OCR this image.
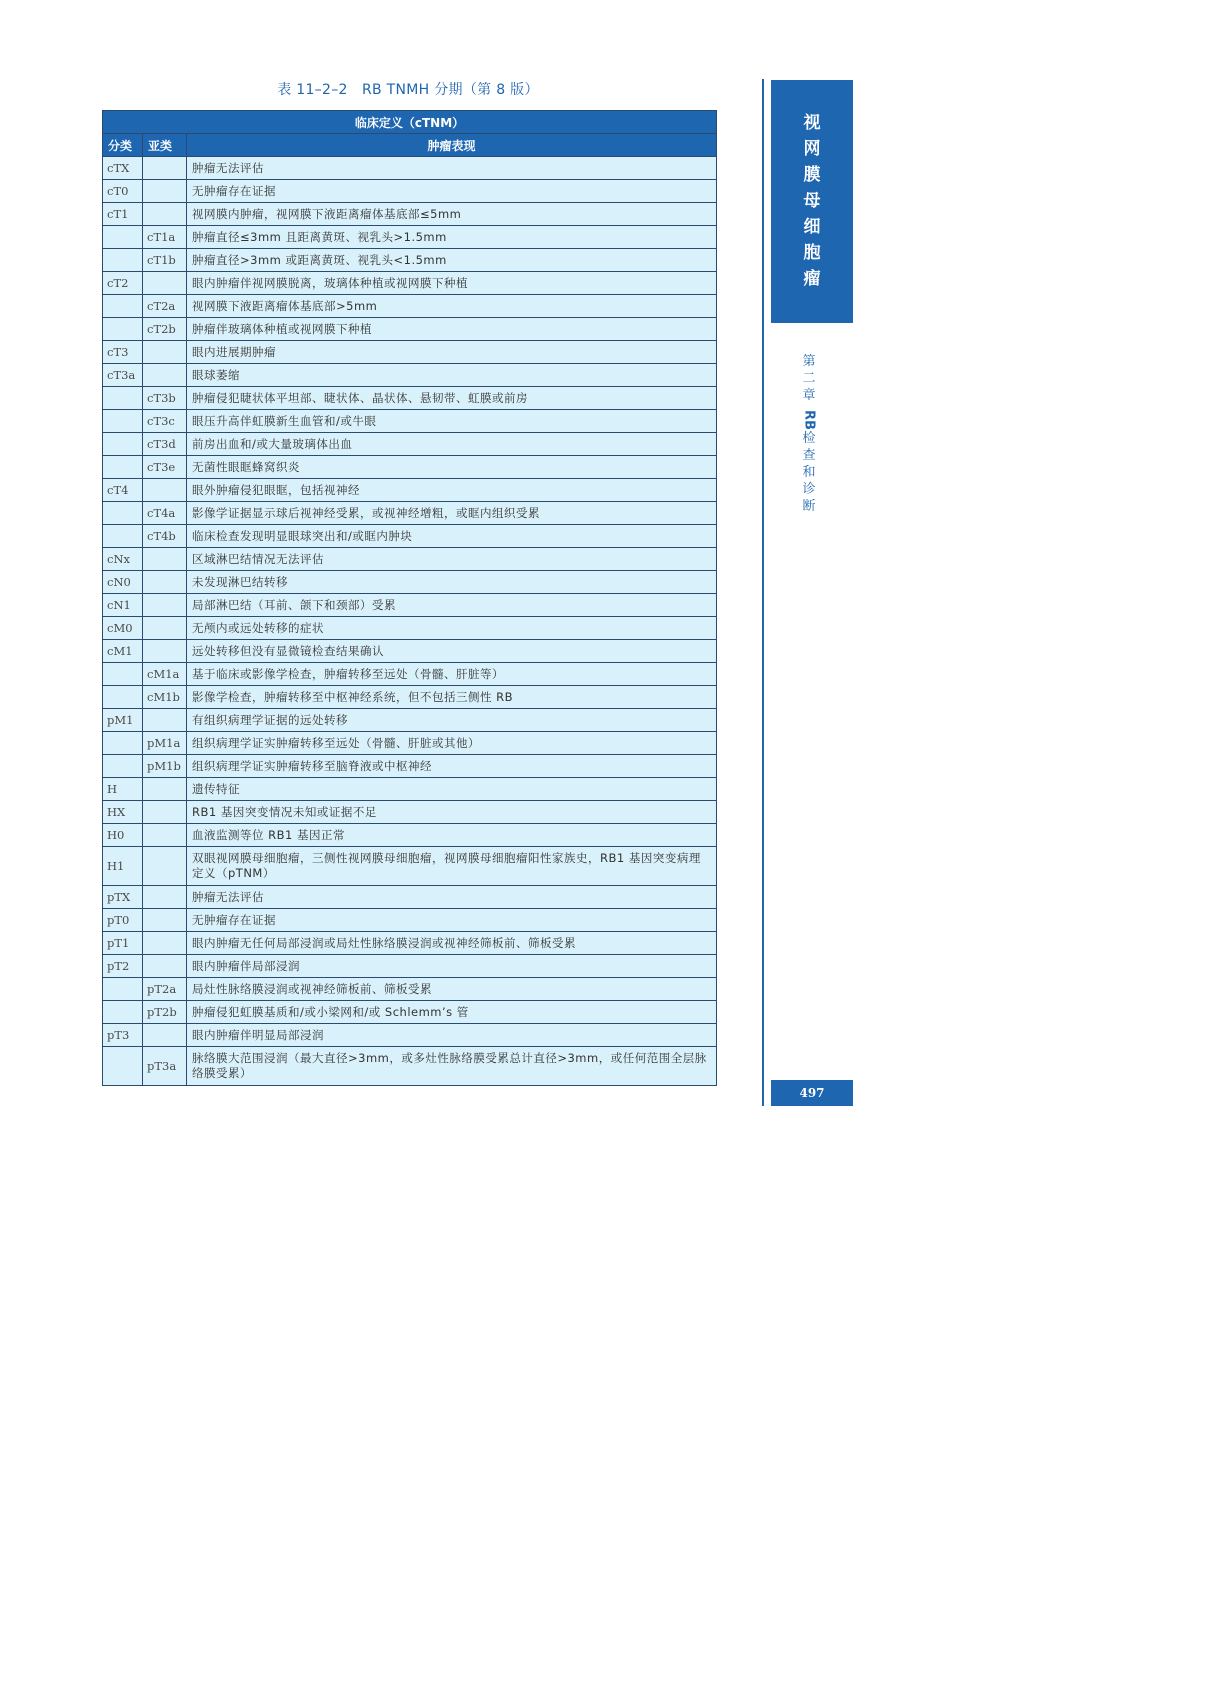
表 11–2–2　RB TNMH 分期（第 8 版）
临床定义（cTNM）		
分类	亚类	肿瘤表现
cTX		肿瘤无法评估
cT0		无肿瘤存在证据
cT1		视网膜内肿瘤，视网膜下液距离瘤体基底部≤5mm
	cT1a	肿瘤直径≤3mm 且距离黄斑、视乳头>1.5mm
	cT1b	肿瘤直径>3mm 或距离黄斑、视乳头<1.5mm
cT2		眼内肿瘤伴视网膜脱离，玻璃体种植或视网膜下种植
	cT2a	视网膜下液距离瘤体基底部>5mm
	cT2b	肿瘤伴玻璃体种植或视网膜下种植
cT3		眼内进展期肿瘤
cT3a		眼球萎缩
	cT3b	肿瘤侵犯睫状体平坦部、睫状体、晶状体、悬韧带、虹膜或前房
	cT3c	眼压升高伴虹膜新生血管和/或牛眼
	cT3d	前房出血和/或大量玻璃体出血
	cT3e	无菌性眼眶蜂窝织炎
cT4		眼外肿瘤侵犯眼眶，包括视神经
	cT4a	影像学证据显示球后视神经受累，或视神经增粗，或眶内组织受累
	cT4b	临床检查发现明显眼球突出和/或眶内肿块
cNx		区域淋巴结情况无法评估
cN0		未发现淋巴结转移
cN1		局部淋巴结（耳前、颌下和颈部）受累
cM0		无颅内或远处转移的症状
cM1		远处转移但没有显微镜检查结果确认
	cM1a	基于临床或影像学检查，肿瘤转移至远处（骨髓、肝脏等）
	cM1b	影像学检查，肿瘤转移至中枢神经系统，但不包括三侧性 RB
pM1		有组织病理学证据的远处转移
	pM1a	组织病理学证实肿瘤转移至远处（骨髓、肝脏或其他）
	pM1b	组织病理学证实肿瘤转移至脑脊液或中枢神经
H		遗传特征
HX		RB1 基因突变情况未知或证据不足
H0		血液监测等位 RB1 基因正常
H1		双眼视网膜母细胞瘤，三侧性视网膜母细胞瘤，视网膜母细胞瘤阳性家族史，RB1 基因突变病理定义（pTNM）
pTX		肿瘤无法评估
pT0		无肿瘤存在证据
pT1		眼内肿瘤无任何局部浸润或局灶性脉络膜浸润或视神经筛板前、筛板受累
pT2		眼内肿瘤伴局部浸润
	pT2a	局灶性脉络膜浸润或视神经筛板前、筛板受累
	pT2b	肿瘤侵犯虹膜基质和/或小梁网和/或 Schlemm’s 管
pT3		眼内肿瘤伴明显局部浸润
	pT3a	脉络膜大范围浸润（最大直径>3mm，或多灶性脉络膜受累总计直径>3mm，或任何范围全层脉络膜受累）
视
网
膜
母
细
胞
瘤
第
二
章

RB
检
查
和
诊
断
497
